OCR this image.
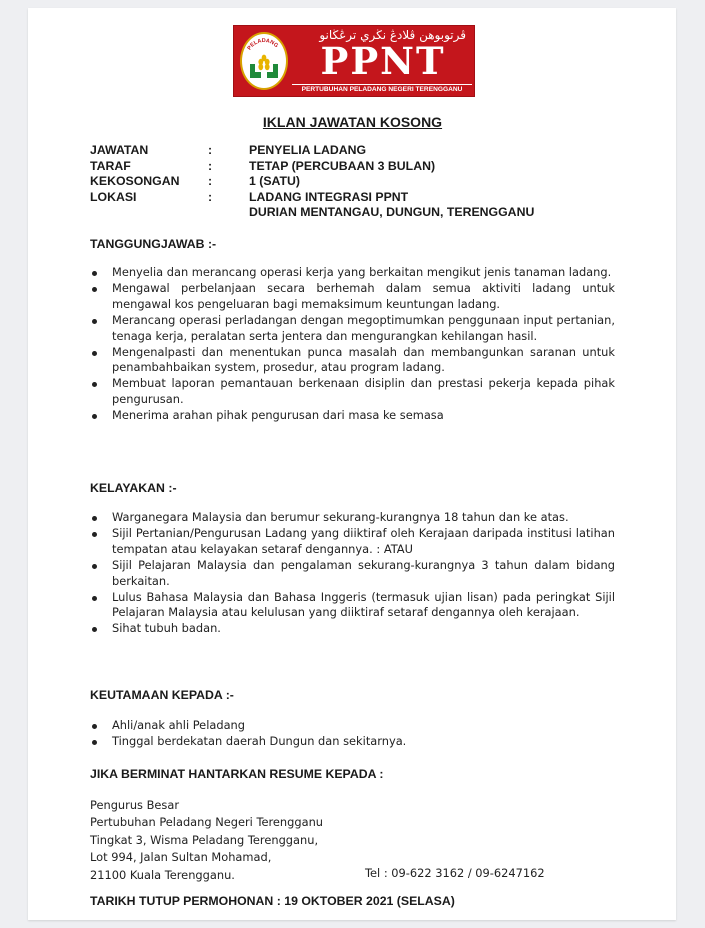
PELADANG
ڤرتوبوهن ڤلادڠ نڬري ترڠڬانو
PPNT
PERTUBUHAN PELADANG NEGERI TERENGGANU
IKLAN JAWATAN KOSONG
JAWATAN	:	PENYELIA LADANG
TARAF	:	TETAP (PERCUBAAN 3 BULAN)
KEKOSONGAN	:	1 (SATU)
LOKASI	:	LADANG INTEGRASI PPNT
DURIAN MENTANGAU, DUNGUN, TERENGGANU
TANGGUNGJAWAB :-
Menyelia dan merancang operasi kerja yang berkaitan mengikut jenis tanaman ladang.
Mengawal perbelanjaan secara berhemah dalam semua aktiviti ladang untuk mengawal kos pengeluaran bagi memaksimum keuntungan ladang.
Merancang operasi perladangan dengan megoptimumkan penggunaan input pertanian, tenaga kerja, peralatan serta jentera dan mengurangkan kehilangan hasil.
Mengenalpasti dan menentukan punca masalah dan membangunkan saranan untuk penambahbaikan system, prosedur, atau program ladang.
Membuat laporan pemantauan berkenaan disiplin dan prestasi pekerja kepada pihak pengurusan.
Menerima arahan pihak pengurusan dari masa ke semasa
KELAYAKAN :-
Warganegara Malaysia dan berumur sekurang-kurangnya 18 tahun dan ke atas.
Sijil Pertanian/Pengurusan Ladang yang diiktiraf oleh Kerajaan daripada institusi latihan tempatan atau kelayakan setaraf dengannya. : ATAU
Sijil Pelajaran Malaysia dan pengalaman sekurang-kurangnya 3 tahun dalam bidang berkaitan.
Lulus Bahasa Malaysia dan Bahasa Inggeris (termasuk ujian lisan) pada peringkat Sijil Pelajaran Malaysia atau kelulusan yang diiktiraf setaraf dengannya oleh kerajaan.
Sihat tubuh badan.
KEUTAMAAN KEPADA :-
Ahli/anak ahli Peladang
Tinggal berdekatan daerah Dungun dan sekitarnya.
JIKA BERMINAT HANTARKAN RESUME KEPADA :
Pengurus Besar
Pertubuhan Peladang Negeri Terengganu
Tingkat 3, Wisma Peladang Terengganu,
Lot 994, Jalan Sultan Mohamad,
21100 Kuala Terengganu.	Tel : 09-622 3162 / 09-6247162
TARIKH TUTUP PERMOHONAN : 19 OKTOBER 2021 (SELASA)
